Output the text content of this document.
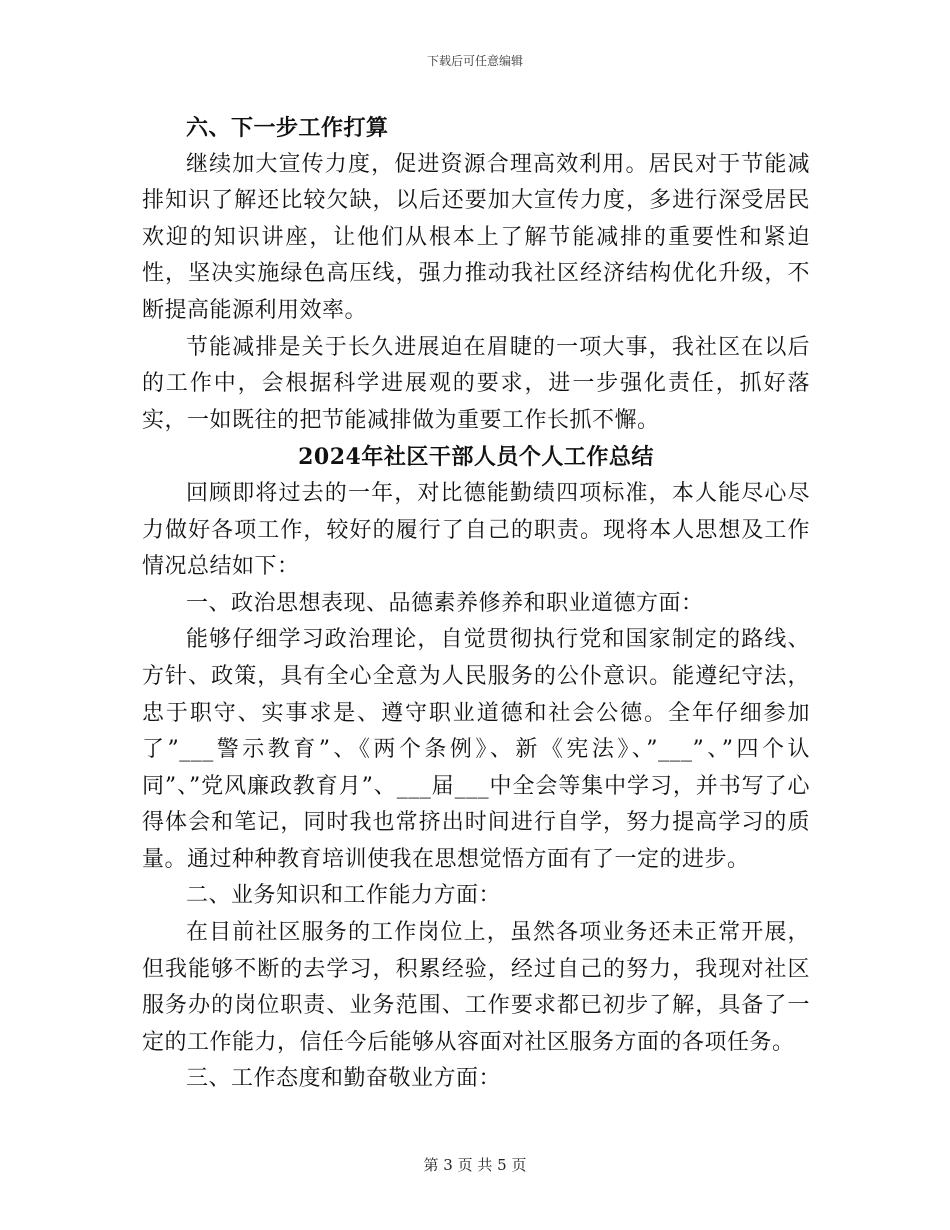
下载后可任意编辑
六、下一步工作打算

继续加大宣传力度，促进资源合理高效利用。居民对于节能减排知识了解还比较欠缺，以后还要加大宣传力度，多进行深受居民欢迎的知识讲座，让他们从根本上了解节能减排的重要性和紧迫性，坚决实施绿色高压线，强力推动我社区经济结构优化升级，不断提高能源利用效率。

节能减排是关于长久进展迫在眉睫的一项大事，我社区在以后的工作中，会根据科学进展观的要求，进一步强化责任，抓好落实，一如既往的把节能减排做为重要工作长抓不懈。

2024年社区干部人员个人工作总结

回顾即将过去的一年，对比德能勤绩四项标准，本人能尽心尽力做好各项工作，较好的履行了自己的职责。现将本人思想及工作情况总结如下：

一、政治思想表现、品德素养修养和职业道德方面：

能够仔细学习政治理论，自觉贯彻执行党和国家制定的路线、方针、政策，具有全心全意为人民服务的公仆意识。能遵纪守法，忠于职守、实事求是、遵守职业道德和社会公德。全年仔细参加了”___警示教育”、《两个条例》、新《宪法》、”___”、”四个认同”、”党风廉政教育月”、___届___中全会等集中学习，并书写了心得体会和笔记，同时我也常挤出时间进行自学，努力提高学习的质量。通过种种教育培训使我在思想觉悟方面有了一定的进步。

二、业务知识和工作能力方面：

在目前社区服务的工作岗位上，虽然各项业务还未正常开展，但我能够不断的去学习，积累经验，经过自己的努力，我现对社区服务办的岗位职责、业务范围、工作要求都已初步了解，具备了一定的工作能力，信任今后能够从容面对社区服务方面的各项任务。

三、工作态度和勤奋敬业方面：

第 3 页 共 5 页
